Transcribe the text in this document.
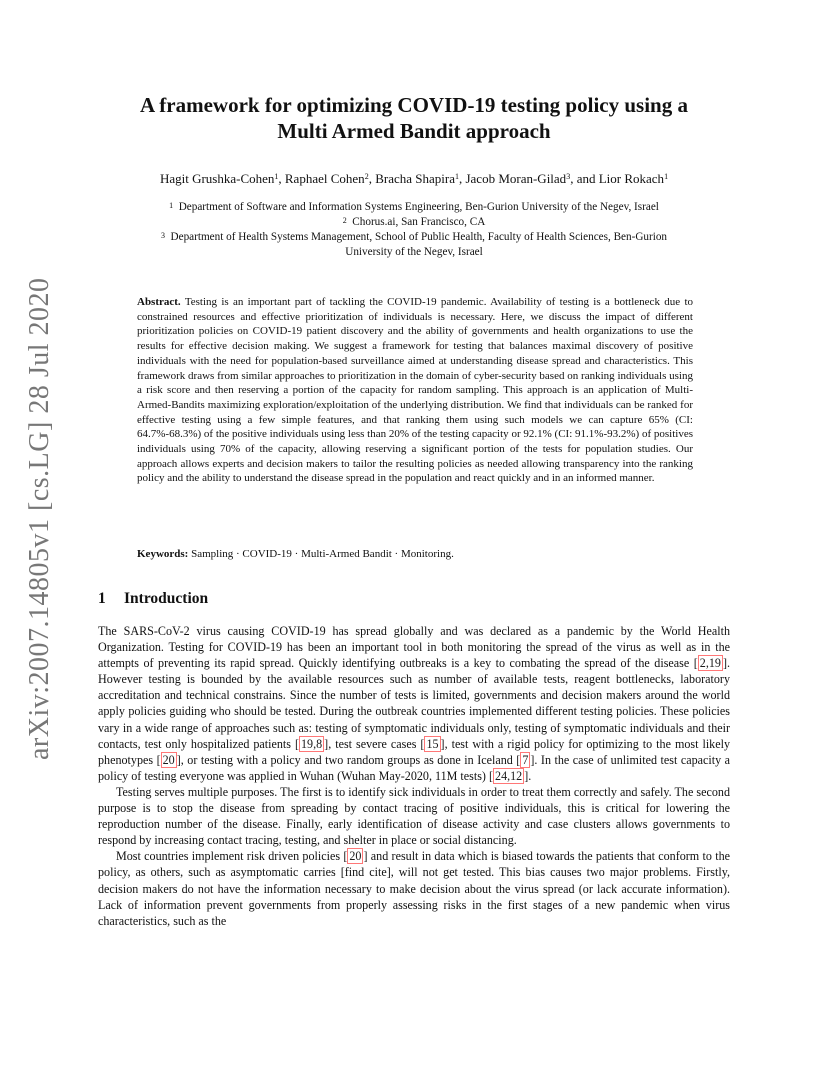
arXiv:2007.14805v1 [cs.LG] 28 Jul 2020
A framework for optimizing COVID-19 testing policy using a
Multi Armed Bandit approach
Hagit Grushka-Cohen$^1$, Raphael Cohen$^2$, Bracha Shapira$^1$, Jacob Moran-Gilad$^3$, and Lior Rokach$^1$
$^1$ Department of Software and Information Systems Engineering, Ben-Gurion University of the Negev, Israel
$^2$ Chorus.ai, San Francisco, CA
$^3$ Department of Health Systems Management, School of Public Health, Faculty of Health Sciences, Ben-Gurion
University of the Negev, Israel
Abstract. Testing is an important part of tackling the COVID-19 pandemic. Availability of testing is a bottleneck due to constrained resources and effective prioritization of individuals is necessary. Here, we discuss the impact of different prioritization policies on COVID-19 patient discovery and the ability of governments and health organizations to use the results for effective decision making. We suggest a framework for testing that balances maximal discovery of positive individuals with the need for population-based surveillance aimed at understanding disease spread and characteristics. This framework draws from similar approaches to prioritization in the domain of cyber-security based on ranking individuals using a risk score and then reserving a portion of the capacity for random sampling. This approach is an application of Multi-Armed-Bandits maximizing exploration/exploitation of the underlying distribution. We find that individuals can be ranked for effective testing using a few simple features, and that ranking them using such models we can capture 65% (CI: 64.7%-68.3%) of the positive individuals using less than 20% of the testing capacity or 92.1% (CI: 91.1%-93.2%) of positives individuals using 70% of the capacity, allowing reserving a significant portion of the tests for population studies. Our approach allows experts and decision makers to tailor the resulting policies as needed allowing transparency into the ranking policy and the ability to understand the disease spread in the population and react quickly and in an informed manner.
Keywords: Sampling · COVID-19 · Multi-Armed Bandit · Monitoring.
1 Introduction

The SARS-CoV-2 virus causing COVID-19 has spread globally and was declared as a pandemic by the World Health Organization. Testing for COVID-19 has been an important tool in both monitoring the spread of the virus as well as in the attempts of preventing its rapid spread. Quickly identifying outbreaks is a key to combating the spread of the disease [ 2,19 ]. However testing is bounded by the available resources such as number of available tests, reagent bottlenecks, laboratory accreditation and technical constrains. Since the number of tests is limited, governments and decision makers around the world apply policies guiding who should be tested. During the outbreak countries implemented different testing policies. These policies vary in a wide range of approaches such as: testing of symptomatic individuals only, testing of symptomatic individuals and their contacts, test only hospitalized patients [ 19,8 ], test severe cases [ 15 ], test with a rigid policy for optimizing to the most likely phenotypes [ 20 ], or testing with a policy and two random groups as done in Iceland [ 7 ]. In the case of unlimited test capacity a policy of testing everyone was applied in Wuhan (Wuhan May-2020, 11M tests) [ 24,12 ].

Testing serves multiple purposes. The first is to identify sick individuals in order to treat them correctly and safely. The second purpose is to stop the disease from spreading by contact tracing of positive individuals, this is critical for lowering the reproduction number of the disease. Finally, early identification of disease activity and case clusters allows governments to respond by increasing contact tracing, testing, and shelter in place or social distancing.

Most countries implement risk driven policies [ 20 ] and result in data which is biased towards the patients that conform to the policy, as others, such as asymptomatic carries [find cite], will not get tested. This bias causes two major problems. Firstly, decision makers do not have the information necessary to make decision about the virus spread (or lack accurate information). Lack of information prevent governments from properly assessing risks in the first stages of a new pandemic when virus characteristics, such as the
